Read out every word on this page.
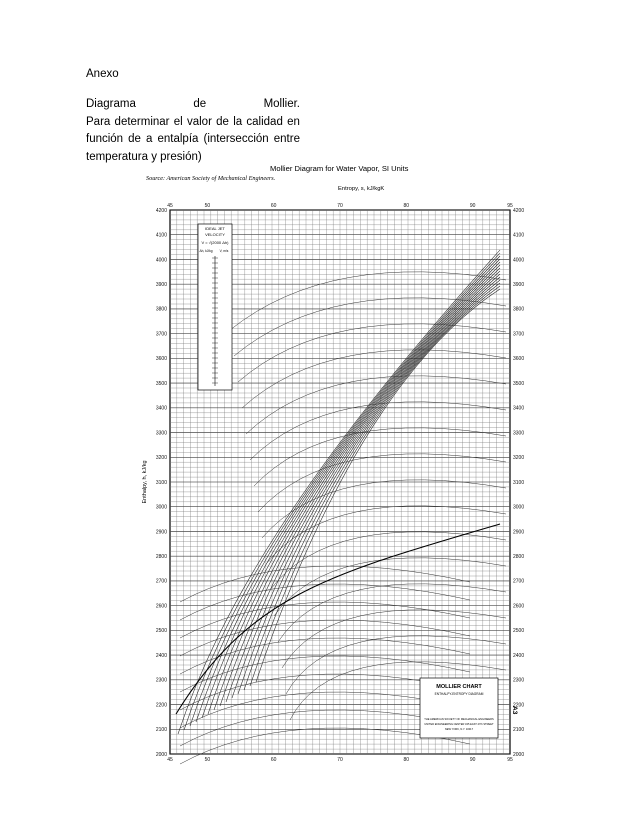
Anexo
Diagrama	de	Mollier.
Para determinar el valor de la calidad en
función de a entalpía (intersección entre
temperatura y presión)
Mollier Diagram for Water Vapor, SI Units
Source: American Society of Mechanical Engineers.
Entropy, s, kJ/kgK
2000	2000
2100	2100
2200	2200
2300	2300
2400	2400
2500	2500
2600	2600
2700	2700
2800	2800
2900	2900
3000	3000
3100	3100
3200	3200
3300	3300
3400	3400
3500	3500
3600	3600
3700	3700
3800	3800
3900	3900
4000	4000
4100	4100
4200	4200
45
45
50
50
60
60
70
70
80
80
90
90
95
95
Enthalpy, h, kJ/kg
IDEAL JET
VELOCITY
V = √(2000 Δh)
Δh, kJ/kg V, m/s
MOLLIER CHART
ENTHALPY-ENTROPY DIAGRAM
THE AMERICAN SOCIETY OF MECHANICAL ENGINEERS
UNITED ENGINEERING CENTER 345 EAST 47th STREET
NEW YORK, N.Y. 10017
A3
